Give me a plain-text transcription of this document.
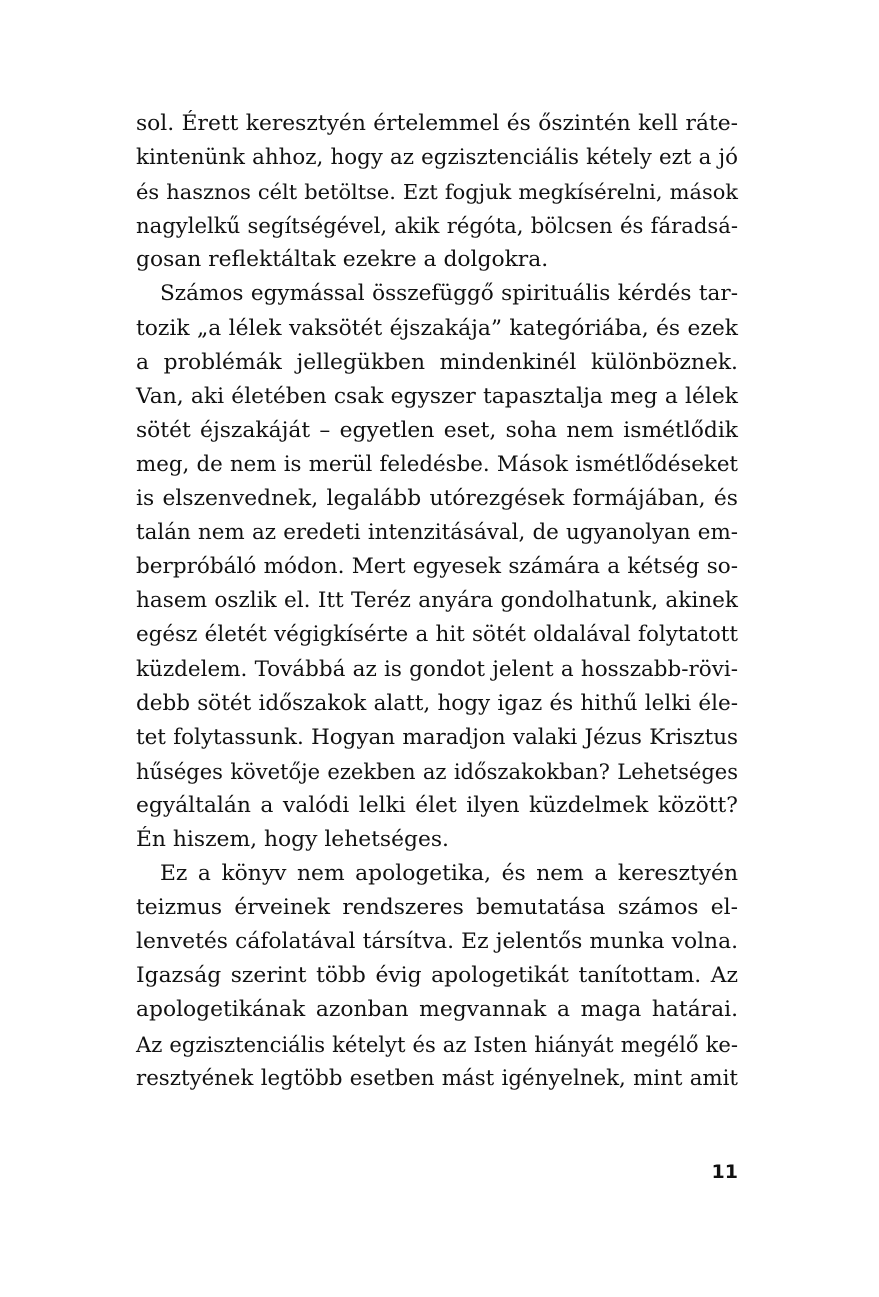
sol. Érett keresztyén értelemmel és őszintén kell ráte-
kintenünk ahhoz, hogy az egzisztenciális kétely ezt a jó
és hasznos célt betöltse. Ezt fogjuk megkísérelni, mások
nagylelkű segítségével, akik régóta, bölcsen és fáradsá-
gosan reflektáltak ezekre a dolgokra.
Számos egymással összefüggő spirituális kérdés tar-
tozik „a lélek vaksötét éjszakája” kategóriába, és ezek
a problémák jellegükben mindenkinél különböznek.
Van, aki életében csak egyszer tapasztalja meg a lélek
sötét éjszakáját – egyetlen eset, soha nem ismétlődik
meg, de nem is merül feledésbe. Mások ismétlődéseket
is elszenvednek, legalább utórezgések formájában, és
talán nem az eredeti intenzitásával, de ugyanolyan em-
berpróbáló módon. Mert egyesek számára a kétség so-
hasem oszlik el. Itt Teréz anyára gondolhatunk, akinek
egész életét végigkísérte a hit sötét oldalával folytatott
küzdelem. Továbbá az is gondot jelent a hosszabb-rövi-
debb sötét időszakok alatt, hogy igaz és hithű lelki éle-
tet folytassunk. Hogyan maradjon valaki Jézus Krisztus
hűséges követője ezekben az időszakokban? Lehetséges
egyáltalán a valódi lelki élet ilyen küzdelmek között?
Én hiszem, hogy lehetséges.
Ez a könyv nem apologetika, és nem a keresztyén
teizmus érveinek rendszeres bemutatása számos el-
lenvetés cáfolatával társítva. Ez jelentős munka volna.
Igazság szerint több évig apologetikát tanítottam. Az
apologetikának azonban megvannak a maga határai.
Az egzisztenciális kételyt és az Isten hiányát megélő ke-
resztyének legtöbb esetben mást igényelnek, mint amit
11
